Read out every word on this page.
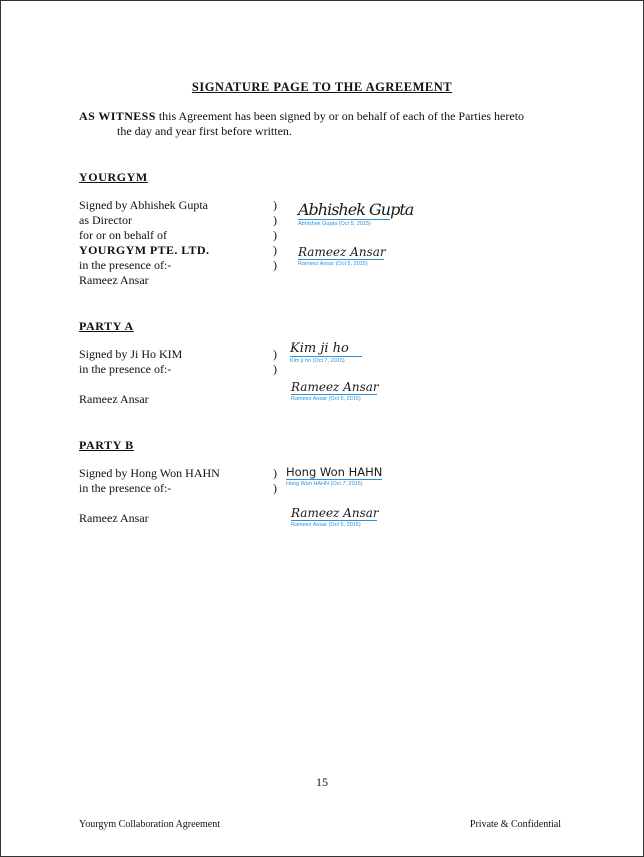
SIGNATURE PAGE TO THE AGREEMENT
AS WITNESS this Agreement has been signed by or on behalf of each of the Parties hereto
the day and year first before written.
YOURGYM
Signed by Abhishek Gupta
as Director
for or on behalf of
YOURGYM PTE. LTD.
in the presence of:-
Rameez Ansar
)
)
)
)
)
Abhishek Gupta
Abhishek Gupta (Oct 5, 2015)
Rameez Ansar
Rameez Ansar (Oct 5, 2015)
PARTY A
Signed by Ji Ho KIM
in the presence of:-
Rameez Ansar
)
)
Kim ji ho
Kim ji ho (Oct 7, 2015)
Rameez Ansar
Rameez Ansar (Oct 5, 2015)
PARTY B
Signed by Hong Won HAHN
in the presence of:-
Rameez Ansar
)
)
Hong Won HAHN
Hong Won HAHN (Oct 7, 2015)
Rameez Ansar
Rameez Ansar (Oct 5, 2015)
15
Yourgym Collaboration Agreement	Private & Confidential
